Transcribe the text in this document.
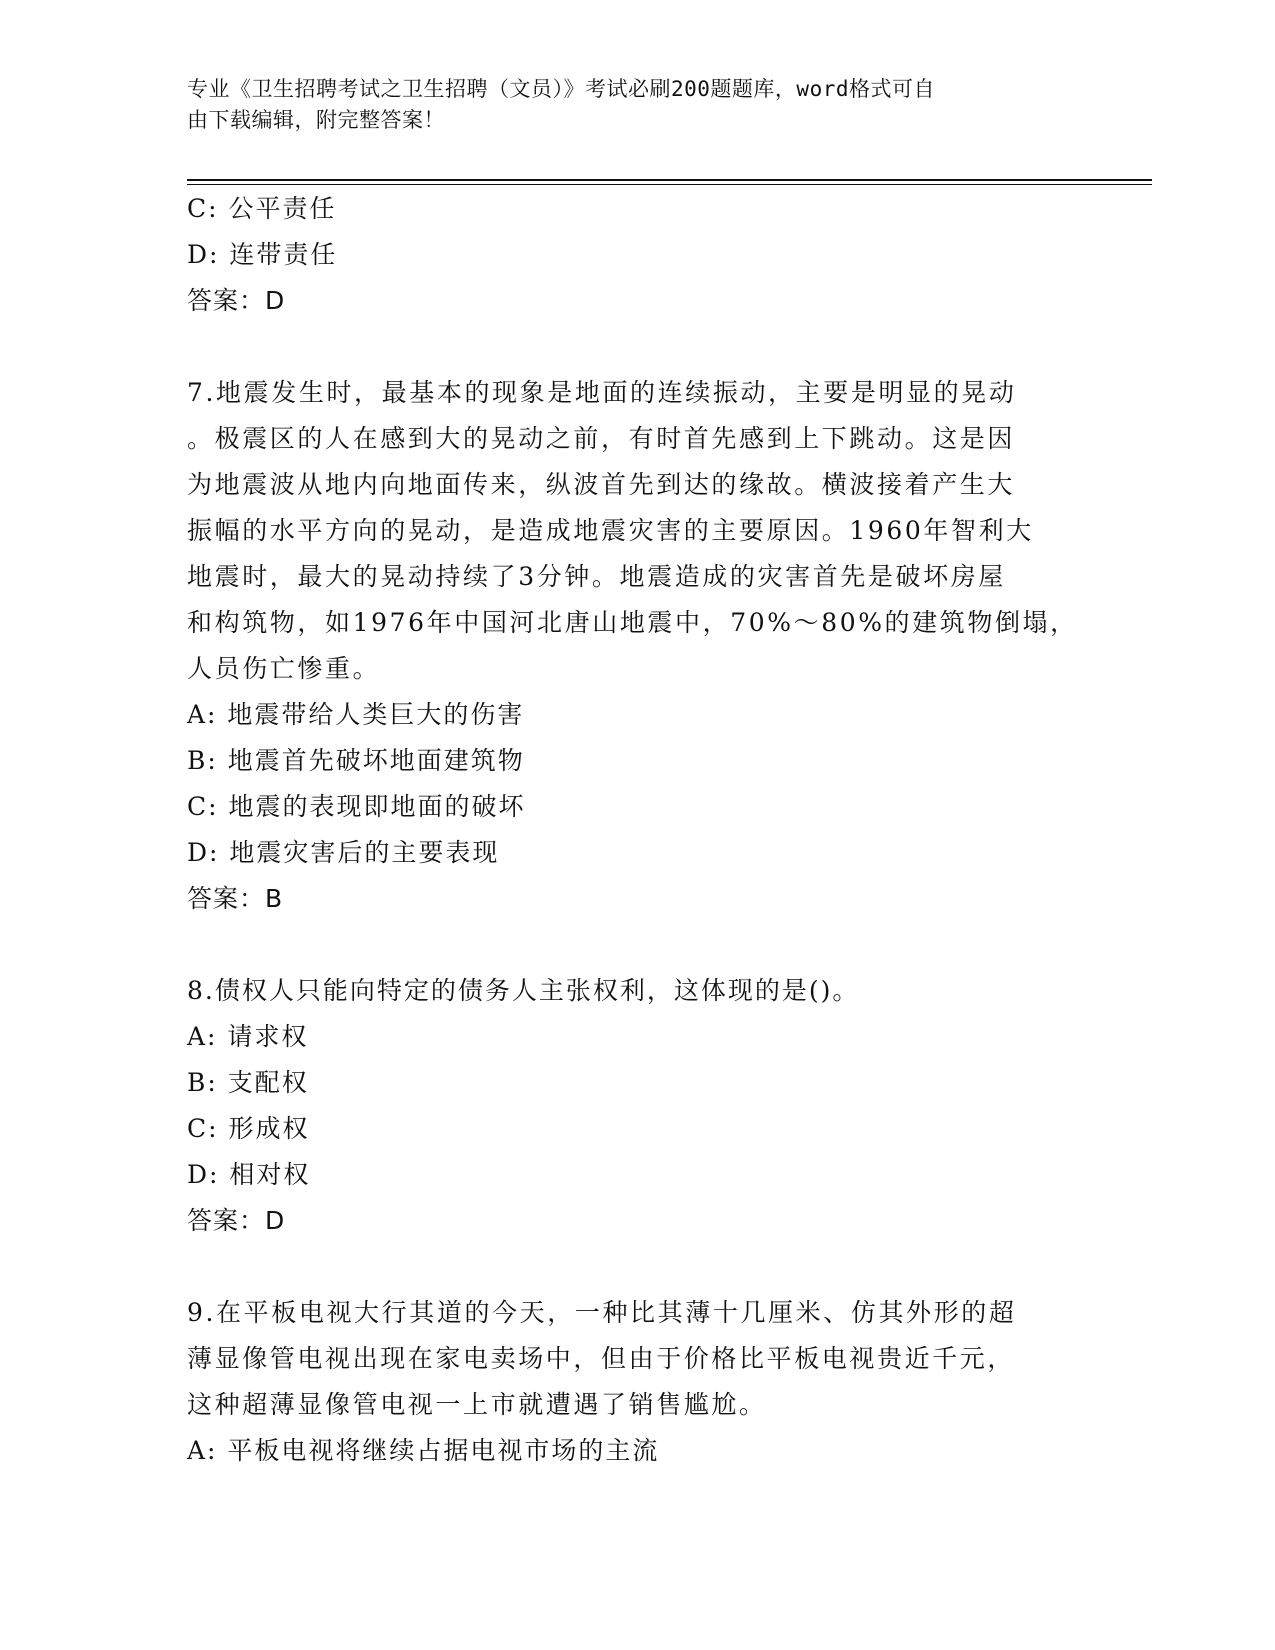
专业《卫生招聘考试之卫生招聘（文员）》考试必刷200题题库，word格式可自
由下载编辑，附完整答案！
C: 公平责任
D: 连带责任
答案：D
7.地震发生时，最基本的现象是地面的连续振动，主要是明显的晃动
。极震区的人在感到大的晃动之前，有时首先感到上下跳动。这是因
为地震波从地内向地面传来，纵波首先到达的缘故。横波接着产生大
振幅的水平方向的晃动，是造成地震灾害的主要原因。1960年智利大
地震时，最大的晃动持续了3分钟。地震造成的灾害首先是破坏房屋
和构筑物，如1976年中国河北唐山地震中，70%～80%的建筑物倒塌，
人员伤亡惨重。
A: 地震带给人类巨大的伤害
B: 地震首先破坏地面建筑物
C: 地震的表现即地面的破坏
D: 地震灾害后的主要表现
答案：B
8.债权人只能向特定的债务人主张权利，这体现的是()。
A: 请求权
B: 支配权
C: 形成权
D: 相对权
答案：D
9.在平板电视大行其道的今天，一种比其薄十几厘米、仿其外形的超
薄显像管电视出现在家电卖场中，但由于价格比平板电视贵近千元，
这种超薄显像管电视一上市就遭遇了销售尴尬。
A: 平板电视将继续占据电视市场的主流
